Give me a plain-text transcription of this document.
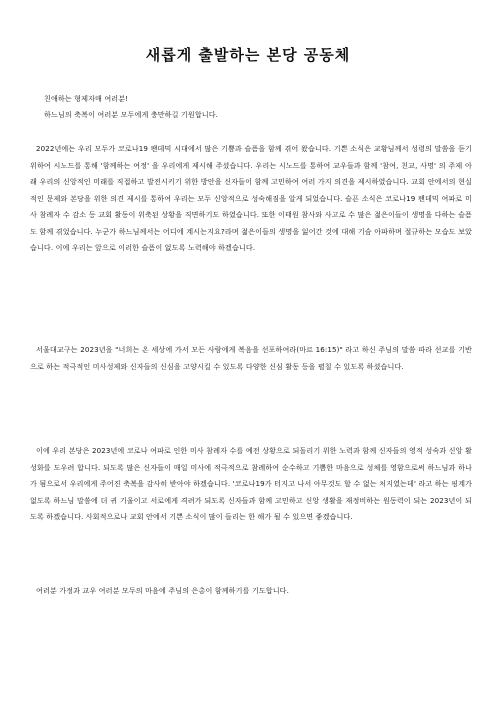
새롭게 출발하는 본당 공동체
친애하는 형제자매 여러분!
하느님의 축복이 여러분 모두에게 충만하길 기원합니다.
2022년에는 우리 모두가 코로나19 팬데믹 시대에서 많은 기쁨과 슬픔을 함께 겪어 왔습니다. 기쁜 소식은 교황님께서 성령의 말씀을 듣기 위하여 시노드를 통해 '함께하는 여정' 을 우리에게 제시해 주셨습니다. 우리는 시노드를 통하여 교우들과 함께 '참여, 친교, 사명' 의 주제 아래 우리의 신앙적인 미래를 직접하고 발전시키기 위한 방안을 신자들이 함께 고민하여 여러 가지 의견을 제시하였습니다. 교회 안에서의 현실적인 문제와 본당을 위한 의견 제시를 통하여 우리는 모두 신앙적으로 성숙해짐을 알게 되었습니다. 슬픈 소식은 코로나19 팬데믹 여파로 미사 참례자 수 감소 등 교회 활동이 위축된 상황을 직면하기도 하였습니다. 또한 이태원 참사와 사고로 수 많은 젊은이들이 생명을 다하는 슬픔도 함께 겪었습니다. 누군가 하느님께서는 어디에 계시는지요?라며 젊은이들의 생명을 잃어간 것에 대해 기슴 아파하며 절규하는 모습도 보았습니다. 이에 우리는 앞으로 이러한 슬픔이 없도록 노력해야 하겠습니다.
서울대교구는 2023년을 "너희는 온 세상에 가서 모든 사람에게 복음을 선포하여라(마르 16:15)" 라고 하신 주님의 말씀 따라 선교를 기반으로 하는 적극적인 미사성제와 신자들의 신심을 고양시킬 수 있도록 다양한 신심 활동 등을 펼칠 수 있도록 하셨습니다.
이에 우리 본당은 2023년에 코로나 여파로 인한 미사 참례자 수를 예전 상황으로 되돌리기 위한 노력과 함께 신자들의 영적 성숙과 신앙 활성화를 도우려 합니다. 되도록 많은 신자들이 매일 미사에 적극적으로 참례하여 순수하고 기쁨한 마음으로 성체를 영함으로써 하느님과 하나가 됨으로서 우리에게 주어진 축복을 감사히 받아야 하겠습니다. '코로나19가 터지고 나서 아무것도 할 수 없는 처지였는데' 라고 하는 핑계가 없도록 하느님 말씀에 더 귀 기울이고 서로에게 격려가 되도록 신자들과 함께 고민하고 신앙 생활을 재정비하는 원동력이 되는 2023년이 되도록 하겠습니다. 사회적으로나 교회 안에서 기쁜 소식이 많이 들리는 한 해가 될 수 있으면 좋겠습니다.
여러분 가정과 교우 여러분 모두의 마음에 주님의 은총이 함께하기를 기도합니다.
